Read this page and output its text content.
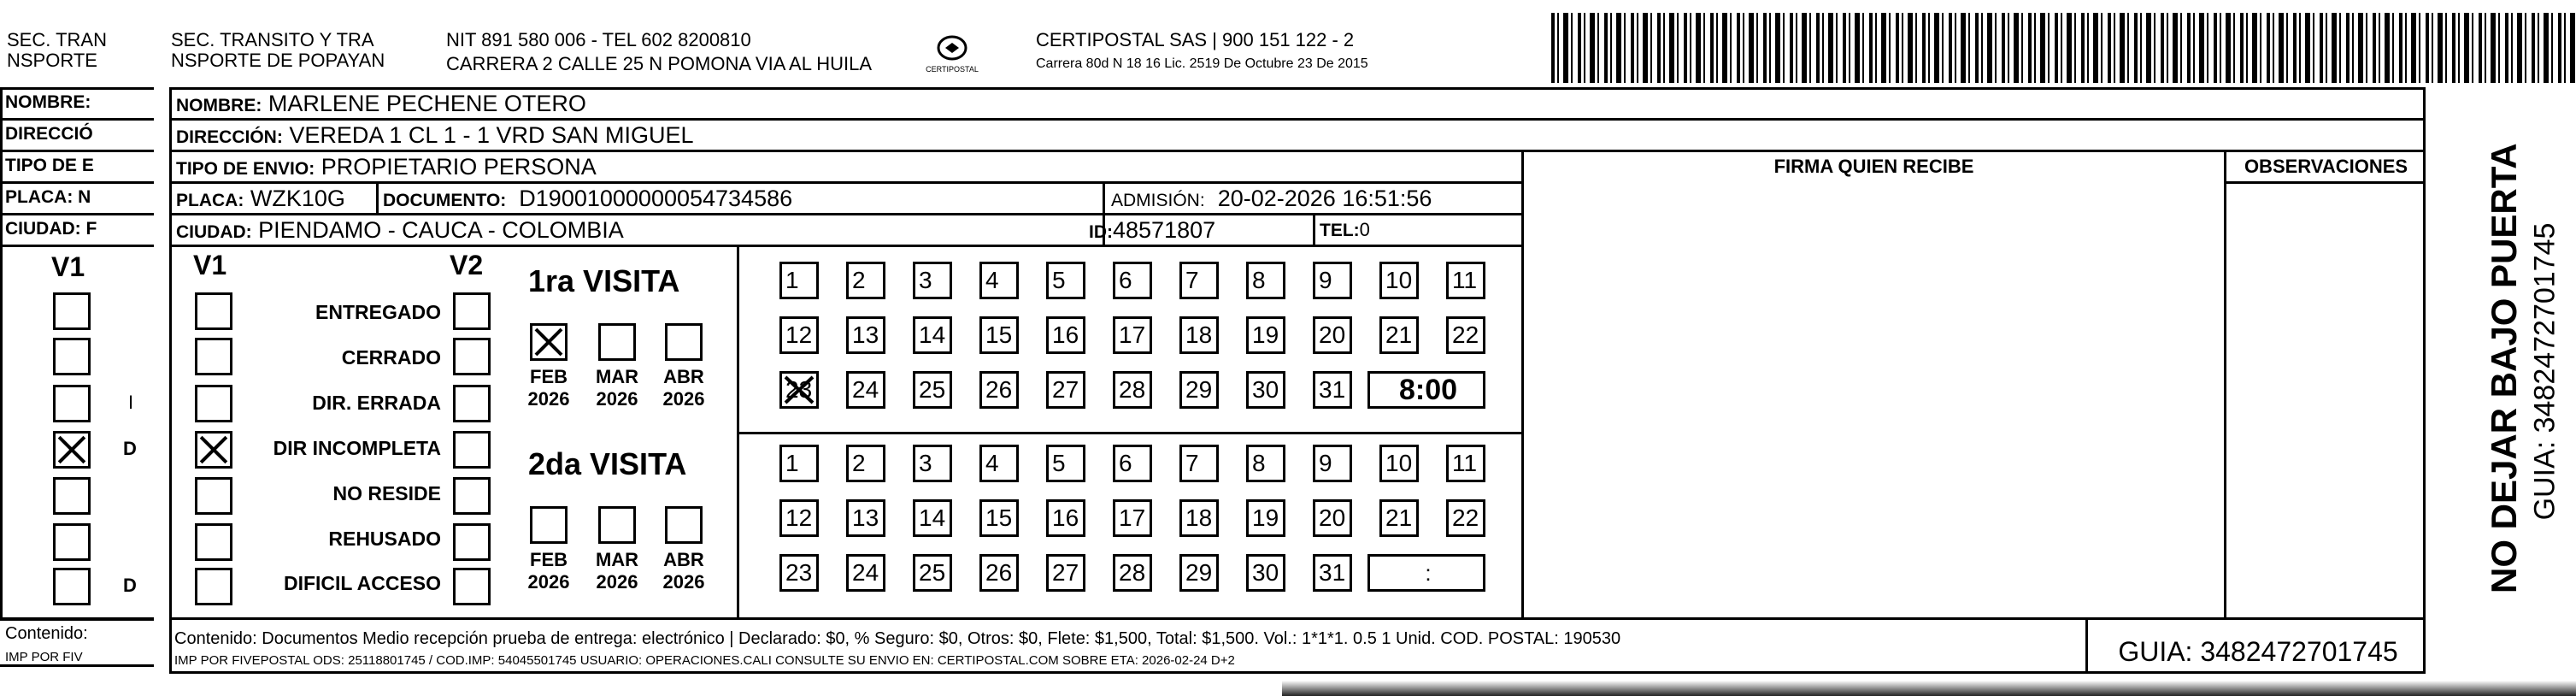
SEC. TRAN
NSPORTE
NOMBRE:
DIRECCIÓ
TIPO DE E
PLACA: N
CIUDAD: F
V1
I
D
D
Contenido:
IMP POR FIV
SEC. TRANSITO Y TRA
NSPORTE DE POPAYAN
NIT 891 580 006 - TEL 602 8200810
CARRERA 2 CALLE 25 N POMONA VIA AL HUILA	CERTIPOSTAL
CERTIPOSTAL SAS | 900 151 122 - 2
Carrera 80d N 18 16 Lic. 2519 De Octubre 23 De 2015
NOMBRE: MARLENE PECHENE OTERO
DIRECCIÓN: VEREDA 1 CL 1 - 1 VRD SAN MIGUEL
TIPO DE ENVIO: PROPIETARIO PERSONA
PLACA: WZK10G DOCUMENTO: D19001000000054734586	ADMISIÓN: 20-02-2026 16:51:56
CIUDAD: PIENDAMO - CAUCA - COLOMBIA	ID:48571807	TEL:0
FIRMA QUIEN RECIBE	OBSERVACIONES
V1	V2
ENTREGADO
CERRADO
DIR. ERRADA
DIR INCOMPLETA
NO RESIDE
REHUSADO
DIFICIL ACCESO
1ra VISITA
FEB
2026
MAR
2026
ABR
2026
1	2	3	4	5	6	7	8	9	10 11
12 13 14 15 16 17 18 19 20 21 22
23 24 25 26 27 28 29 30 31	8:00
2da VISITA
FEB
2026
MAR
2026
ABR
2026
1	2	3	4	5	6	7	8	9	10 11
12 13 14 15 16 17 18 19 20 21 22
23 24 25 26 27 28 29 30 31	:
Contenido: Documentos Medio recepción prueba de entrega: electrónico | Declarado: $0, % Seguro: $0, Otros: $0, Flete: $1,500, Total: $1,500. Vol.: 1*1*1. 0.5 1 Unid. COD. POSTAL: 190530
IMP POR FIVEPOSTAL ODS: 25118801745 / COD.IMP: 54045501745 USUARIO: OPERACIONES.CALI CONSULTE SU ENVIO EN: CERTIPOSTAL.COM SOBRE ETA: 2026-02-24 D+2	GUIA: 3482472701745
NO DEJAR BAJO PUERTA GUIA: 3482472701745
